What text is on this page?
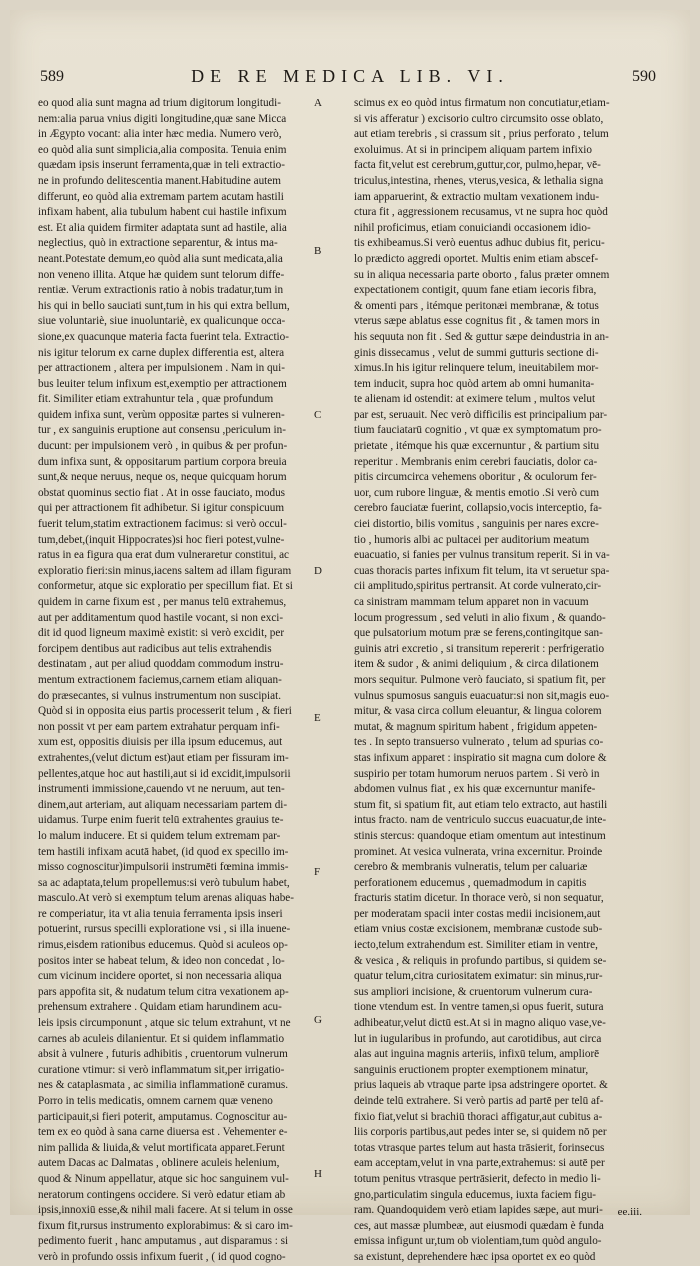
589	DE RE MEDICA LIB. VI.	590
eo quod alia sunt magna ad trium digitorum longitudi-
nem:alia parua vnius digiti longitudine,quæ sane Micca
in Ægypto vocant: alia inter hæc media. Numero verò,
eo quòd alia sunt simplicia,alia composita. Tenuia enim
quædam ipsis inserunt ferramenta,quæ in teli extractio-
ne in profundo delitescentia manent.Habitudine autem
differunt, eo quòd alia extremam partem acutam hastili
infixam habent, alia tubulum habent cui hastile infixum
est. Et alia quidem firmiter adaptata sunt ad hastile, alia
neglectius, quò in extractione separentur, & intus ma-
neant.Potestate demum,eo quòd alia sunt medicata,alia
non veneno illita. Atque hæ quidem sunt telorum diffe-
rentiæ. Verum extractionis ratio à nobis tradatur,tum in
his qui in bello sauciati sunt,tum in his qui extra bellum,
siue voluntariè, siue inuoluntariè, ex qualicunque occa-
sione,ex quacunque materia facta fuerint tela. Extractio-
nis igitur telorum ex carne duplex differentia est, altera
per attractionem , altera per impulsionem . Nam in qui-
bus leuiter telum infixum est,exemptio per attractionem
fit. Similiter etiam extrahuntur tela , quæ profundum
quidem infixa sunt, verùm oppositæ partes si vulneren-
tur , ex sanguinis eruptione aut consensu ,periculum in-
ducunt: per impulsionem verò , in quibus & per profun-
dum infixa sunt, & oppositarum partium corpora breuia
sunt,& neque neruus, neque os, neque quicquam horum
obstat quominus sectio fiat . At in osse fauciato, modus
qui per attractionem fit adhibetur. Si igitur conspicuum
fuerit telum,statim extractionem facimus: si verò occul-
tum,debet,(inquit Hippocrates)si hoc fieri potest,vulne-
ratus in ea figura qua erat dum vulneraretur constitui, ac
exploratio fieri:sin minus,iacens saltem ad illam figuram
conformetur, atque sic exploratio per specillum fiat. Et si
quidem in carne fixum est , per manus telū extrahemus,
aut per additamentum quod hastile vocant, si non exci-
dit id quod ligneum maximè existit: si verò excidit, per
forcipem dentibus aut radicibus aut telis extrahendis
destinatam , aut per aliud quoddam commodum instru-
mentum extractionem faciemus,carnem etiam aliquan-
do præsecantes, si vulnus instrumentum non suscipiat.
Quòd si in opposita eius partis processerit telum , & fieri
non possit vt per eam partem extrahatur perquam infi-
xum est, oppositis diuisis per illa ipsum educemus, aut
extrahentes,(velut dictum est)aut etiam per fissuram im-
pellentes,atque hoc aut hastili,aut si id excidit,impulsorii
instrumenti immissione,cauendo vt ne neruum, aut ten-
dinem,aut arteriam, aut aliquam necessariam partem di-
uidamus. Turpe enim fuerit telū extrahentes grauius te-
lo malum inducere. Et si quidem telum extremam par-
tem hastili infixam acutā habet, (id quod ex specillo im-
misso cognoscitur)impulsorii instrumēti fœmina immis-
sa ac adaptata,telum propellemus:si verò tubulum habet,
masculo.At verò si exemptum telum arenas aliquas habe-
re comperiatur, ita vt alia tenuia ferramenta ipsis inseri
potuerint, rursus specilli exploratione vsi , si illa inuene-
rimus,eisdem rationibus educemus. Quòd si aculeos op-
positos inter se habeat telum, & ideo non concedat , lo-
cum vicinum incidere oportet, si non necessaria aliqua
pars appofita sit, & nudatum telum citra vexationem ap-
prehensum extrahere . Quidam etiam harundinem acu-
leis ipsis circumponunt , atque sic telum extrahunt, vt ne
carnes ab aculeis dilanientur. Et si quidem inflammatio
absit à vulnere , futuris adhibitis , cruentorum vulnerum
curatione vtimur: si verò inflammatum sit,per irrigatio-
nes & cataplasmata , ac similia inflammationē curamus.
Porro in telis medicatis, omnem carnem quæ veneno
participauit,si fieri poterit, amputamus. Cognoscitur au-
tem ex eo quòd à sana carne diuersa est . Vehementer e-
nim pallida & liuida,& velut mortificata apparet.Ferunt
autem Dacas ac Dalmatas , oblinere aculeis helenium,
quod & Ninum appellatur, atque sic hoc sanguinem vul-
neratorum contingens occidere. Si verò edatur etiam ab
ipsis,innoxiū esse,& nihil mali facere. At si telum in osse
fixum fit,rursus instrumento explorabimus: & si caro im-
pedimento fuerit , hanc amputamus , aut disparamus : si
verò in profundo ossis infixum fuerit , ( id quod cogno-
scimus ex eo quòd intus firmatum non concutiatur,etiam-
si vis afferatur ) excisorio cultro circumsito osse oblato,
aut etiam terebris , si crassum sit , prius perforato , telum
exoluimus. At si in principem aliquam partem infixio
facta fit,velut est cerebrum,guttur,cor, pulmo,hepar, vē-
triculus,intestina, rhenes, vterus,vesica, & lethalia signa
iam apparuerint, & extractio multam vexationem indu-
ctura fit , aggressionem recusamus, vt ne supra hoc quòd
nihil proficimus, etiam conuiciandi occasionem idio-
tis exhibeamus.Si verò euentus adhuc dubius fit, pericu-
lo prædicto aggredi oportet. Multis enim etiam abscef-
su in aliqua necessaria parte oborto , falus præter omnem
expectationem contigit, quum fane etiam iecoris fibra,
& omenti pars , itémque peritonæi membranæ, & totus
vterus sæpe ablatus esse cognitus fit , & tamen mors in
his sequuta non fit . Sed & guttur sæpe deindustria in an-
ginis dissecamus , velut de summi gutturis sectione di-
ximus.In his igitur relinquere telum, ineuitabilem mor-
tem inducit, supra hoc quòd artem ab omni humanita-
te alienam id ostendit: at eximere telum , multos velut
par est, seruauit. Nec verò difficilis est principalium par-
tium fauciatarū cognitio , vt quæ ex symptomatum pro-
prietate , itémque his quæ excernuntur , & partium situ
reperitur . Membranis enim cerebri fauciatis, dolor ca-
pitis circumcirca vehemens oboritur , & oculorum fer-
uor, cum rubore linguæ, & mentis emotio .Si verò cum
cerebro fauciatæ fuerint, collapsio,vocis interceptio, fa-
ciei distortio, bilis vomitus , sanguinis per nares excre-
tio , humoris albi ac pultacei per auditorium meatum
euacuatio, si fanies per vulnus transitum reperit. Si in va-
cuas thoracis partes infixum fit telum, ita vt seruetur spa-
cii amplitudo,spiritus pertransit. At corde vulnerato,cir-
ca sinistram mammam telum apparet non in vacuum
locum progressum , sed veluti in alio fixum , & quando-
que pulsatorium motum præ se ferens,contingitque san-
guinis atri excretio , si transitum repererit : perfrigeratio
item & sudor , & animi deliquium , & circa dilationem
mors sequitur. Pulmone verò fauciato, si spatium fit, per
vulnus spumosus sanguis euacuatur:si non sit,magis euo-
mitur, & vasa circa collum eleuantur, & lingua colorem
mutat, & magnum spiritum habent , frigidum appeten-
tes . In septo transuerso vulnerato , telum ad spurias co-
stas infixum apparet : inspiratio sit magna cum dolore &
suspirio per totam humorum neruos partem . Si verò in
abdomen vulnus fiat , ex his quæ excernuntur manife-
stum fit, si spatium fit, aut etiam telo extracto, aut hastili
intus fracto. nam de ventriculo succus euacuatur,de inte-
stinis stercus: quandoque etiam omentum aut intestinum
prominet. At vesica vulnerata, vrina excernitur. Proinde
cerebro & membranis vulneratis, telum per caluariæ
perforationem educemus , quemadmodum in capitis
fracturis statim dicetur. In thorace verò, si non sequatur,
per moderatam spacii inter costas medii incisionem,aut
etiam vnius costæ excisionem, membranæ custode sub-
iecto,telum extrahendum est. Similiter etiam in ventre,
& vesica , & reliquis in profundo partibus, si quidem se-
quatur telum,citra curiositatem eximatur: sin minus,rur-
sus ampliori incisione, & cruentorum vulnerum cura-
tione vtendum est. In ventre tamen,si opus fuerit, sutura
adhibeatur,velut dictū est.At si in magno aliquo vase,ve-
lut in iugularibus in profundo, aut carotidibus, aut circa
alas aut inguina magnis arteriis, infixū telum, ampliorē
sanguinis eructionem propter exemptionem minatur,
prius laqueis ab vtraque parte ipsa adstringere oportet. &
deinde telū extrahere. Si verò partis ad partē per telū af-
fixio fiat,velut si brachiū thoraci affigatur,aut cubitus a-
liis corporis partibus,aut pedes inter se, si quidem nō per
totas vtrasque partes telum aut hasta trāsierit, forinsecus
eam acceptam,velut in vna parte,extrahemus: si autē per
totum penitus vtrasque pertrāsierit, defecto in medio li-
gno,particulatim singula educemus, iuxta faciem figu-
ram. Quandoquidem verò etiam lapides sæpe, aut muri-
ces, aut massæ plumbeæ, aut eiusmodi quædam è funda
emissa infigunt ur,tum ob violentiam,tum quòd angulo-
sa existunt, deprehendere hæc ipsa oportet ex eo quòd
A
B
C
D
E
F
G
H
ee.iii.
